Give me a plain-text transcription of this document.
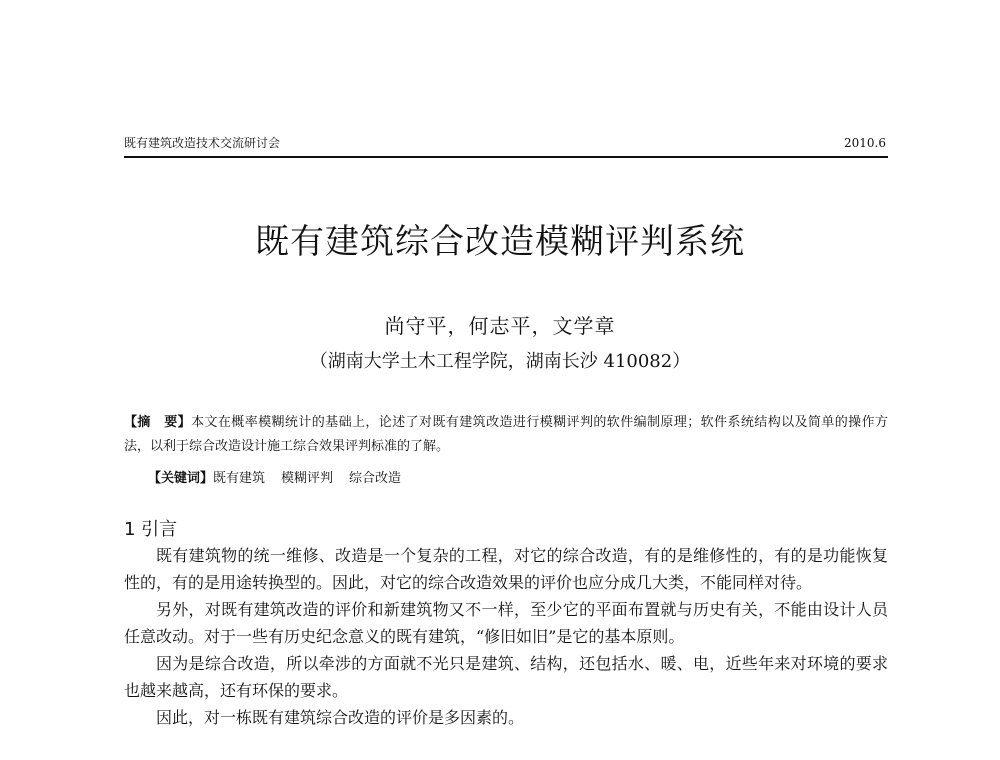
既有建筑改造技术交流研讨会	2010.6
既有建筑综合改造模糊评判系统
尚守平，何志平，文学章
（湖南大学土木工程学院，湖南长沙 410082）
【摘　要】本文在概率模糊统计的基础上，论述了对既有建筑改造进行模糊评判的软件编制原理；软件系统结构以及简单的操作方法，以利于综合改造设计施工综合效果评判标准的了解。
【关键词】既有建筑 模糊评判 综合改造
1 引言

既有建筑物的统一维修、改造是一个复杂的工程，对它的综合改造，有的是维修性的，有的是功能恢复性的，有的是用途转换型的。因此，对它的综合改造效果的评价也应分成几大类，不能同样对待。

另外，对既有建筑改造的评价和新建筑物又不一样，至少它的平面布置就与历史有关，不能由设计人员任意改动。对于一些有历史纪念意义的既有建筑，“修旧如旧”是它的基本原则。

因为是综合改造，所以牵涉的方面就不光只是建筑、结构，还包括水、暖、电，近些年来对环境的要求也越来越高，还有环保的要求。

因此，对一栋既有建筑综合改造的评价是多因素的。
